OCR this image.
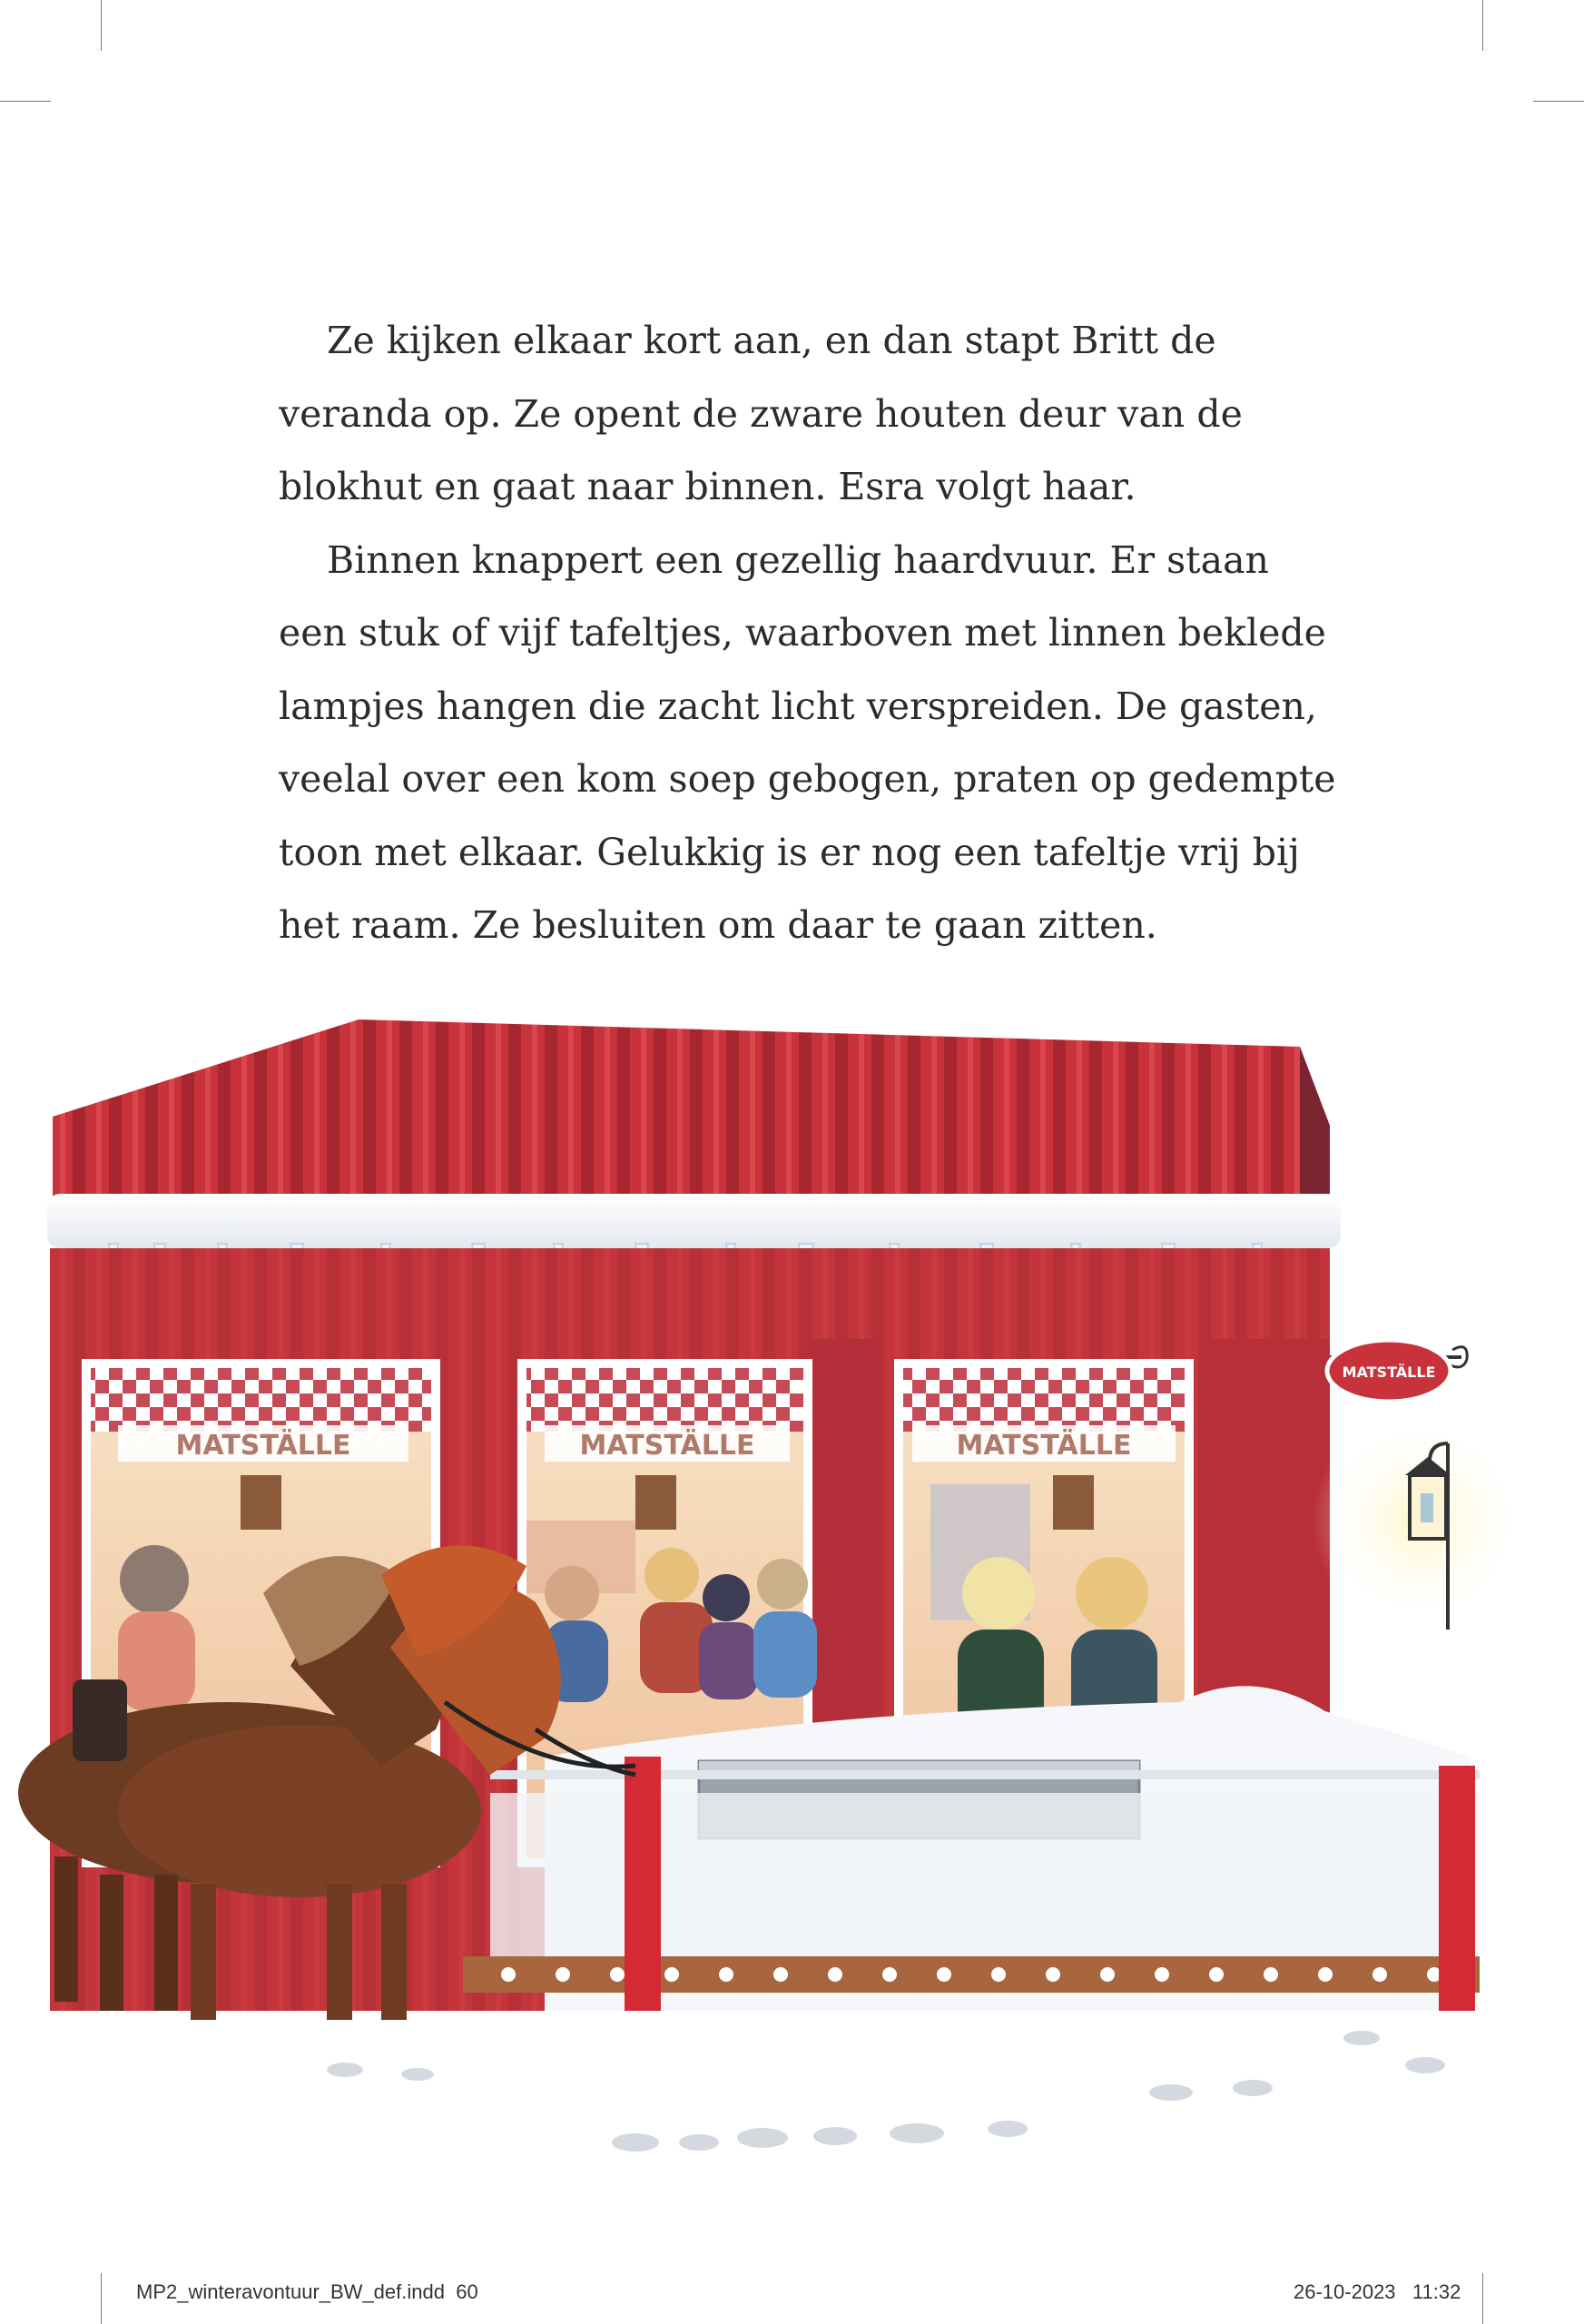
Ze kijken elkaar kort aan, en dan stapt Britt de

veranda op. Ze opent de zware houten deur van de

blokhut en gaat naar binnen. Esra volgt haar.

Binnen knappert een gezellig haardvuur. Er staan

een stuk of vijf tafeltjes, waarboven met linnen beklede

lampjes hangen die zacht licht verspreiden. De gasten,

veelal over een kom soep gebogen, praten op gedempte

toon met elkaar. Gelukkig is er nog een tafeltje vrij bij

het raam. Ze besluiten om daar te gaan zitten.

MATSTÄLLE	MATSTÄLLE	MATSTÄLLE
MATSTÄLLE
MP2_winteravontuur_BW_def.indd 60	26-10-2023 11:32
